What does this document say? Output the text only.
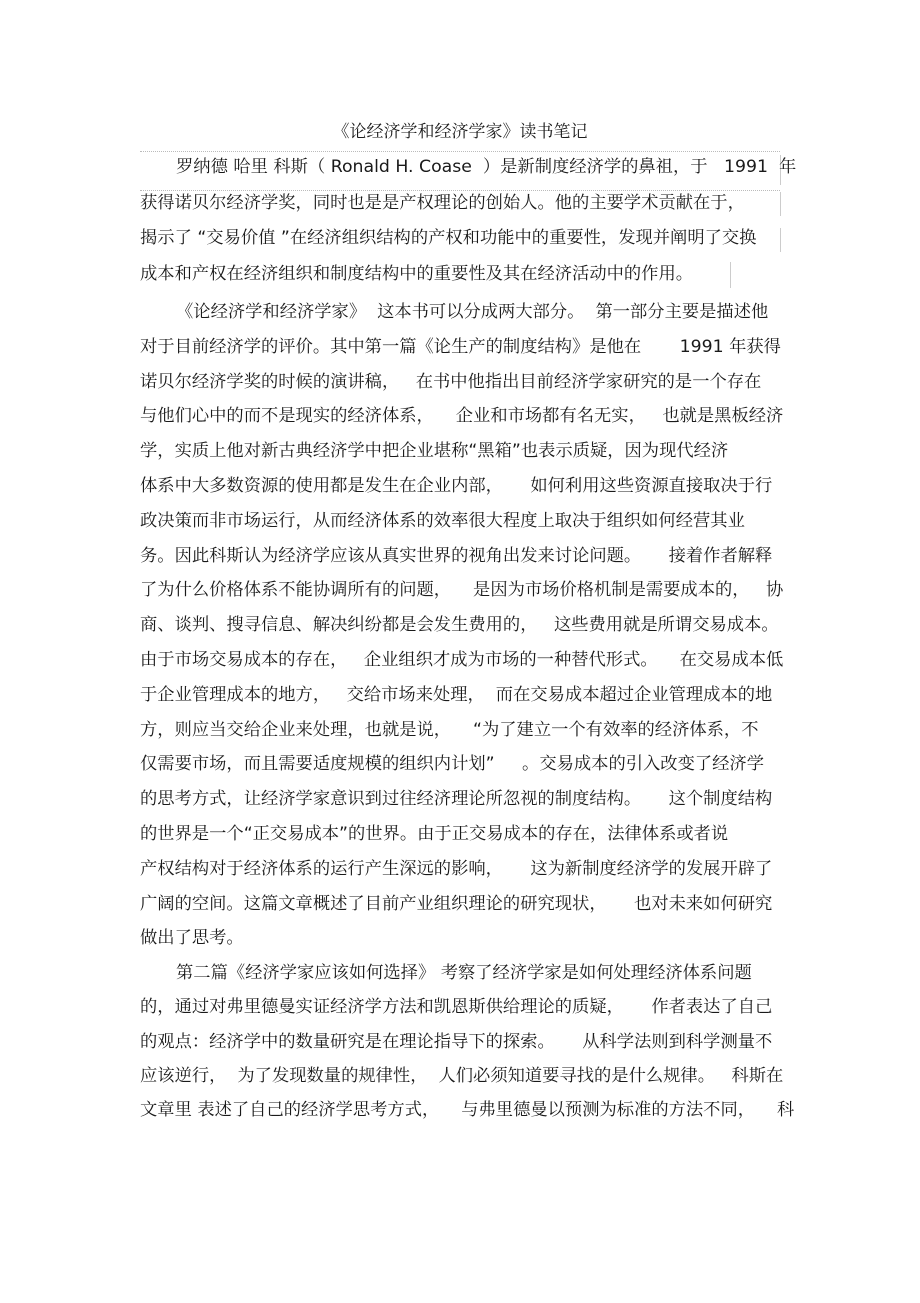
《论经济学和经济学家》读书笔记
罗纳德 哈里 科斯（ Ronald H. Coase  ）是新制度经济学的鼻祖，于   1991  年
获得诺贝尔经济学奖，同时也是是产权理论的创始人。他的主要学术贡献在于，
揭示了 “交易价值 ”在经济组织结构的产权和功能中的重要性，发现并阐明了交换
成本和产权在经济组织和制度结构中的重要性及其在经济活动中的作用。
《论经济学和经济学家》  这本书可以分成两大部分。  第一部分主要是描述他
对于目前经济学的评价。其中第一篇《论生产的制度结构》是他在       1991 年获得
诺贝尔经济学奖的时候的演讲稿，   在书中他指出目前经济学家研究的是一个存在
与他们心中的而不是现实的经济体系，    企业和市场都有名无实，   也就是黑板经济
学，实质上他对新古典经济学中把企业堪称“黑箱”也表示质疑，因为现代经济
体系中大多数资源的使用都是发生在企业内部，     如何利用这些资源直接取决于行
政决策而非市场运行，从而经济体系的效率很大程度上取决于组织如何经营其业
务。因此科斯认为经济学应该从真实世界的视角出发来讨论问题。     接着作者解释
了为什么价格体系不能协调所有的问题，    是因为市场价格机制是需要成本的，   协
商、谈判、搜寻信息、解决纠纷都是会发生费用的，   这些费用就是所谓交易成本。
由于市场交易成本的存在，   企业组织才成为市场的一种替代形式。    在交易成本低
于企业管理成本的地方，   交给市场来处理，  而在交易成本超过企业管理成本的地
方，则应当交给企业来处理，也就是说，    “为了建立一个有效率的经济体系，不
仅需要市场，而且需要适度规模的组织内计划”     。交易成本的引入改变了经济学
的思考方式，让经济学家意识到过往经济理论所忽视的制度结构。     这个制度结构
的世界是一个“正交易成本”的世界。由于正交易成本的存在，法律体系或者说
产权结构对于经济体系的运行产生深远的影响，     这为新制度经济学的发展开辟了
广阔的空间。这篇文章概述了目前产业组织理论的研究现状，     也对未来如何研究
做出了思考。
第二篇《经济学家应该如何选择》 考察了经济学家是如何处理经济体系问题
的，通过对弗里德曼实证经济学方法和凯恩斯供给理论的质疑，     作者表达了自己
的观点：经济学中的数量研究是在理论指导下的探索。     从科学法则到科学测量不
应该逆行，  为了发现数量的规律性，  人们必须知道要寻找的是什么规律。   科斯在
文章里 表述了自己的经济学思考方式，    与弗里德曼以预测为标准的方法不同，    科
